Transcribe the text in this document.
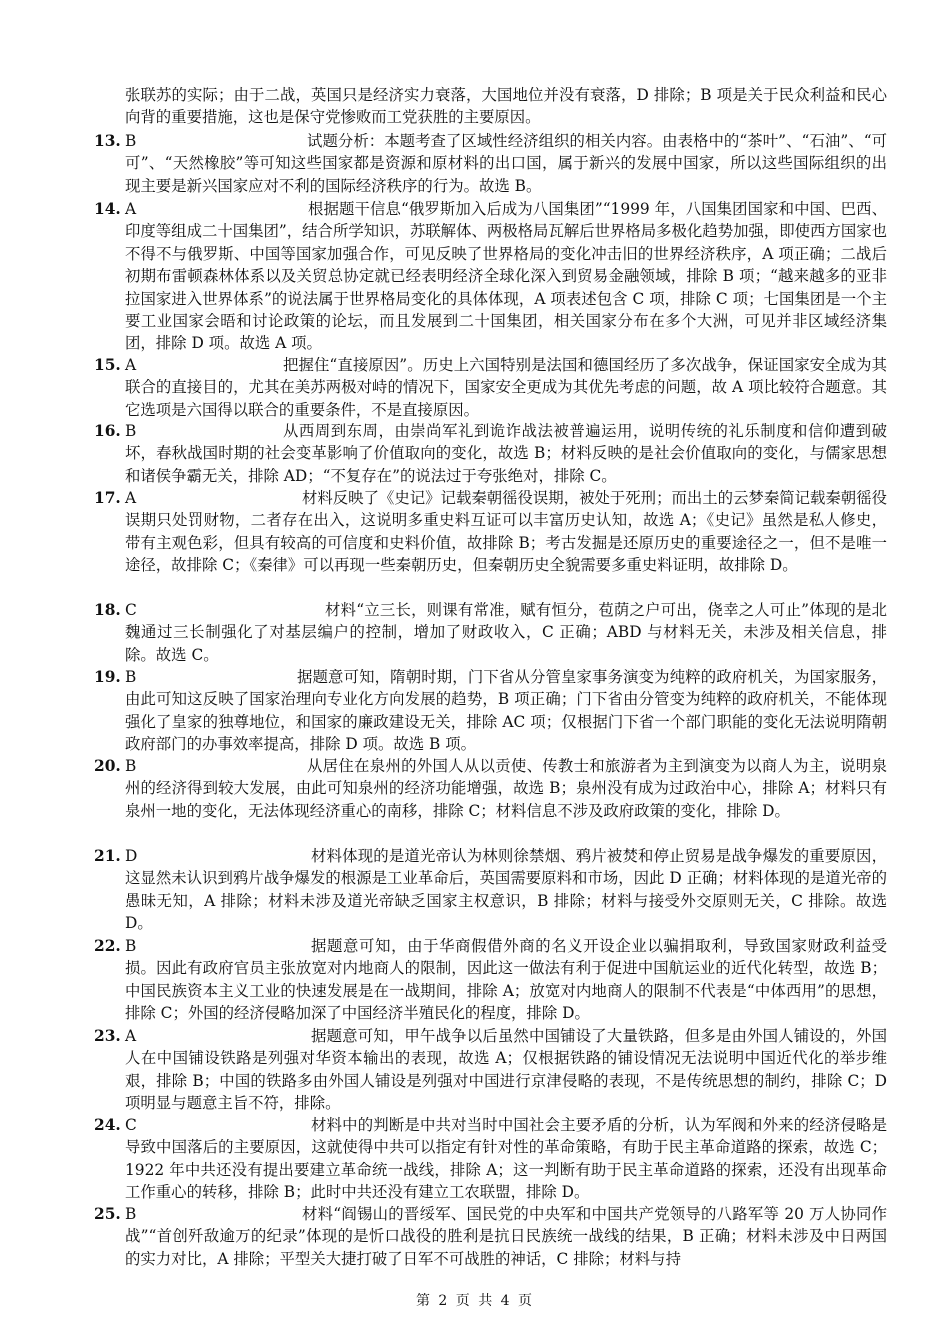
张联苏的实际；由于二战，英国只是经济实力衰落，大国地位并没有衰落，D 排除；B 项是关于民众利益和民心向背的重要措施，这也是保守党惨败而工党获胜的主要原因。
13. B	试题分析：本题考查了区域性经济组织的相关内容。由表格中的“茶叶”、“石油”、“可可”、“天然橡胶”等可知这些国家都是资源和原材料的出口国，属于新兴的发展中国家，所以这些国际组织的出现主要是新兴国家应对不利的国际经济秩序的行为。故选 B。
14. A	根据题干信息“俄罗斯加入后成为八国集团”“1999 年，八国集团国家和中国、巴西、印度等组成二十国集团”，结合所学知识，苏联解体、两极格局瓦解后世界格局多极化趋势加强，即使西方国家也不得不与俄罗斯、中国等国家加强合作，可见反映了世界格局的变化冲击旧的世界经济秩序，A 项正确；二战后初期布雷顿森林体系以及关贸总协定就已经表明经济全球化深入到贸易金融领域，排除 B 项；“越来越多的亚非拉国家进入世界体系”的说法属于世界格局变化的具体体现，A 项表述包含 C 项，排除 C 项；七国集团是一个主要工业国家会晤和讨论政策的论坛，而且发展到二十国集团，相关国家分布在多个大洲，可见并非区域经济集团，排除 D 项。故选 A 项。
15. A	把握住“直接原因”。历史上六国特别是法国和德国经历了多次战争，保证国家安全成为其联合的直接目的，尤其在美苏两极对峙的情况下，国家安全更成为其优先考虑的问题，故 A 项比较符合题意。其它选项是六国得以联合的重要条件，不是直接原因。
16. B	从西周到东周，由崇尚军礼到诡诈战法被普遍运用，说明传统的礼乐制度和信仰遭到破坏，春秋战国时期的社会变革影响了价值取向的变化，故选 B；材料反映的是社会价值取向的变化，与儒家思想和诸侯争霸无关，排除 AD；“不复存在”的说法过于夸张绝对，排除 C。
17. A	材料反映了《史记》记载秦朝徭役误期，被处于死刑；而出土的云梦秦简记载秦朝徭役误期只处罚财物，二者存在出入，这说明多重史料互证可以丰富历史认知，故选 A；《史记》虽然是私人修史，带有主观色彩，但具有较高的可信度和史料价值，故排除 B；考古发掘是还原历史的重要途径之一，但不是唯一途径，故排除 C；《秦律》可以再现一些秦朝历史，但秦朝历史全貌需要多重史料证明，故排除 D。
18. C	材料“立三长，则课有常准，赋有恒分，苞荫之户可出，侥幸之人可止”体现的是北魏通过三长制强化了对基层编户的控制，增加了财政收入，C 正确；ABD 与材料无关，未涉及相关信息，排除。故选 C。
19. B	据题意可知，隋朝时期，门下省从分管皇家事务演变为纯粹的政府机关，为国家服务，由此可知这反映了国家治理向专业化方向发展的趋势，B 项正确；门下省由分管变为纯粹的政府机关，不能体现强化了皇家的独尊地位，和国家的廉政建设无关，排除 AC 项；仅根据门下省一个部门职能的变化无法说明隋朝政府部门的办事效率提高，排除 D 项。故选 B 项。
20. B	从居住在泉州的外国人从以贡使、传教士和旅游者为主到演变为以商人为主，说明泉州的经济得到较大发展，由此可知泉州的经济功能增强，故选 B；泉州没有成为过政治中心，排除 A；材料只有泉州一地的变化，无法体现经济重心的南移，排除 C；材料信息不涉及政府政策的变化，排除 D。
21. D	材料体现的是道光帝认为林则徐禁烟、鸦片被焚和停止贸易是战争爆发的重要原因，这显然未认识到鸦片战争爆发的根源是工业革命后，英国需要原料和市场，因此 D 正确；材料体现的是道光帝的愚昧无知，A 排除；材料未涉及道光帝缺乏国家主权意识，B 排除；材料与接受外交原则无关，C 排除。故选 D。
22. B	据题意可知，由于华商假借外商的名义开设企业以骗捐取利，导致国家财政利益受损。因此有政府官员主张放宽对内地商人的限制，因此这一做法有利于促进中国航运业的近代化转型，故选 B；中国民族资本主义工业的快速发展是在一战期间，排除 A；放宽对内地商人的限制不代表是“中体西用”的思想，排除 C；外国的经济侵略加深了中国经济半殖民化的程度，排除 D。
23. A	据题意可知，甲午战争以后虽然中国铺设了大量铁路，但多是由外国人铺设的，外国人在中国铺设铁路是列强对华资本输出的表现，故选 A；仅根据铁路的铺设情况无法说明中国近代化的举步维艰，排除 B；中国的铁路多由外国人铺设是列强对中国进行京津侵略的表现，不是传统思想的制约，排除 C；D 项明显与题意主旨不符，排除。
24. C	材料中的判断是中共对当时中国社会主要矛盾的分析，认为军阀和外来的经济侵略是导致中国落后的主要原因，这就使得中共可以指定有针对性的革命策略，有助于民主革命道路的探索，故选 C；1922 年中共还没有提出要建立革命统一战线，排除 A；这一判断有助于民主革命道路的探索，还没有出现革命工作重心的转移，排除 B；此时中共还没有建立工农联盟，排除 D。
25. B	材料“阎锡山的晋绥军、国民党的中央军和中国共产党领导的八路军等 20 万人协同作战”“首创歼敌逾万的纪录”体现的是忻口战役的胜利是抗日民族统一战线的结果，B 正确；材料未涉及中日两国的实力对比，A 排除；平型关大捷打破了日军不可战胜的神话，C 排除；材料与持
第 2 页 共 4 页
